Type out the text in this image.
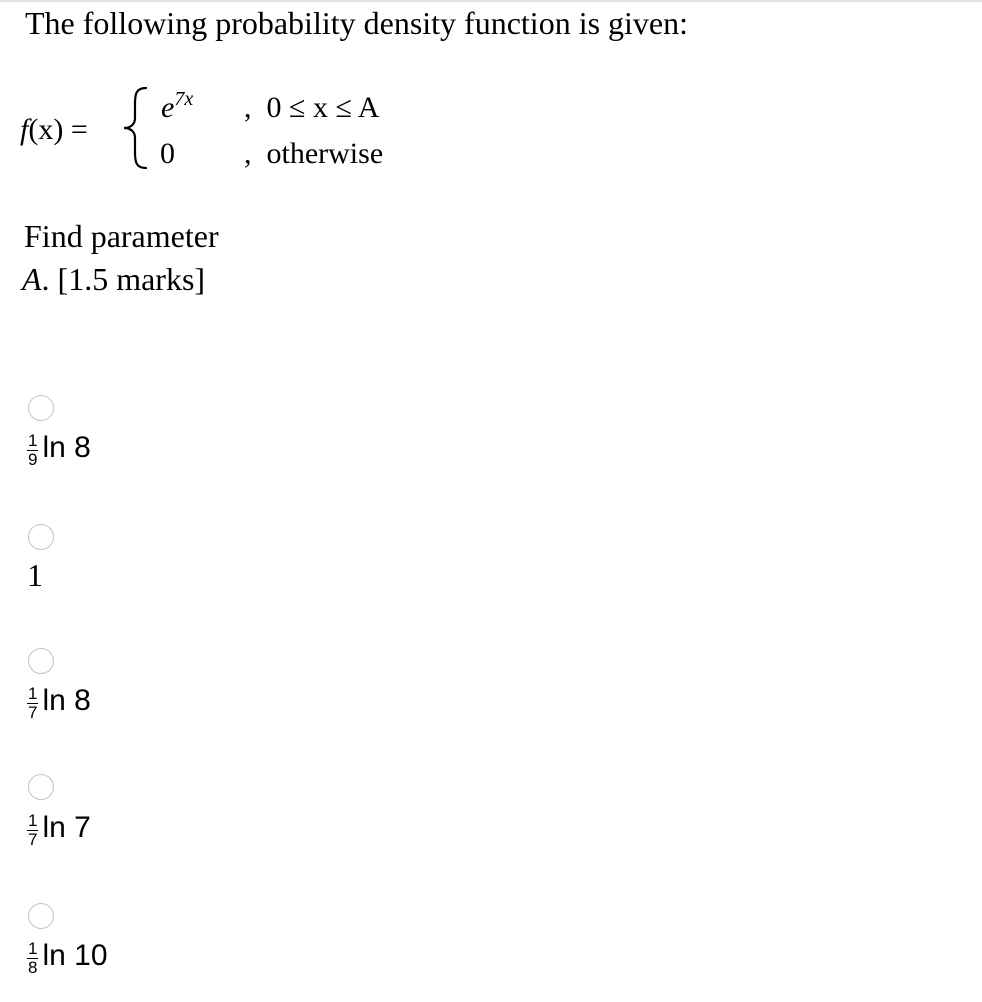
The following probability density function is given:
f(x) =
$e^{7x}$ , 0 ≤ x ≤ A
0 , otherwise
Find parameter
A. [1.5 marks]
$\frac{1}{9}$ ln 8
1
$\frac{1}{7}$ ln 8
$\frac{1}{7}$ ln 7
$\frac{1}{8}$ ln 10
